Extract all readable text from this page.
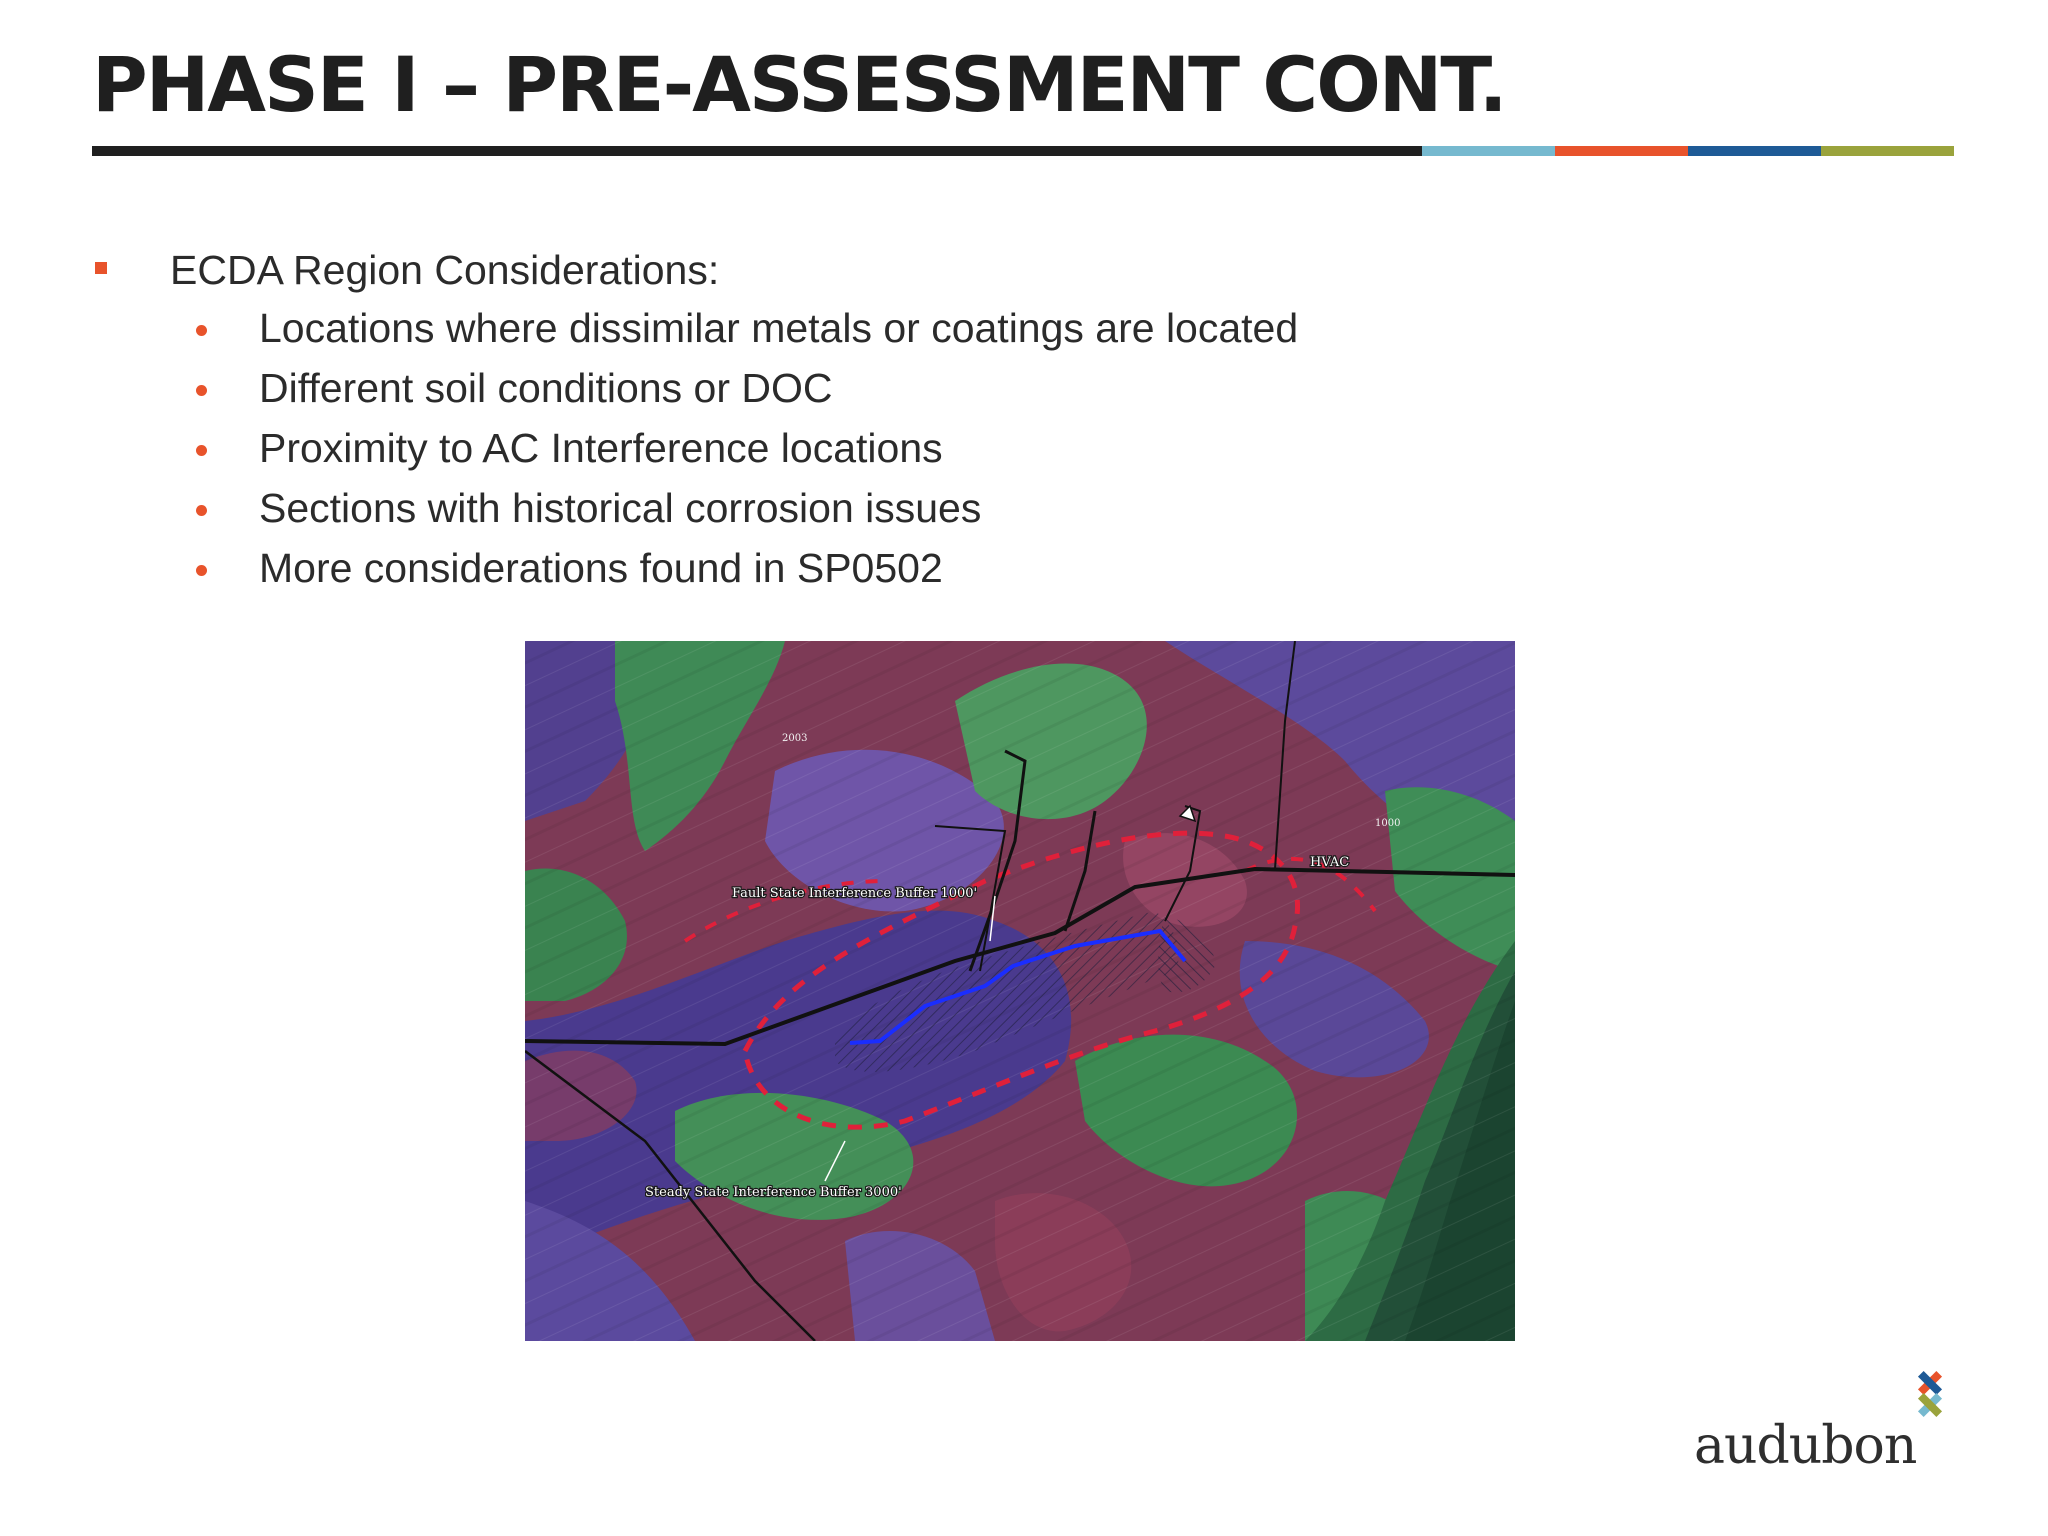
PHASE I – PRE-ASSESSMENT CONT.
ECDA Region Considerations:
Locations where dissimilar metals or coatings are located
Different soil conditions or DOC
Proximity to AC Interference locations
Sections with historical corrosion issues
More considerations found in SP0502
Fault State Interference Buffer 1000'
Steady State Interference Buffer 3000'
HVAC
2003
1000
audubon
